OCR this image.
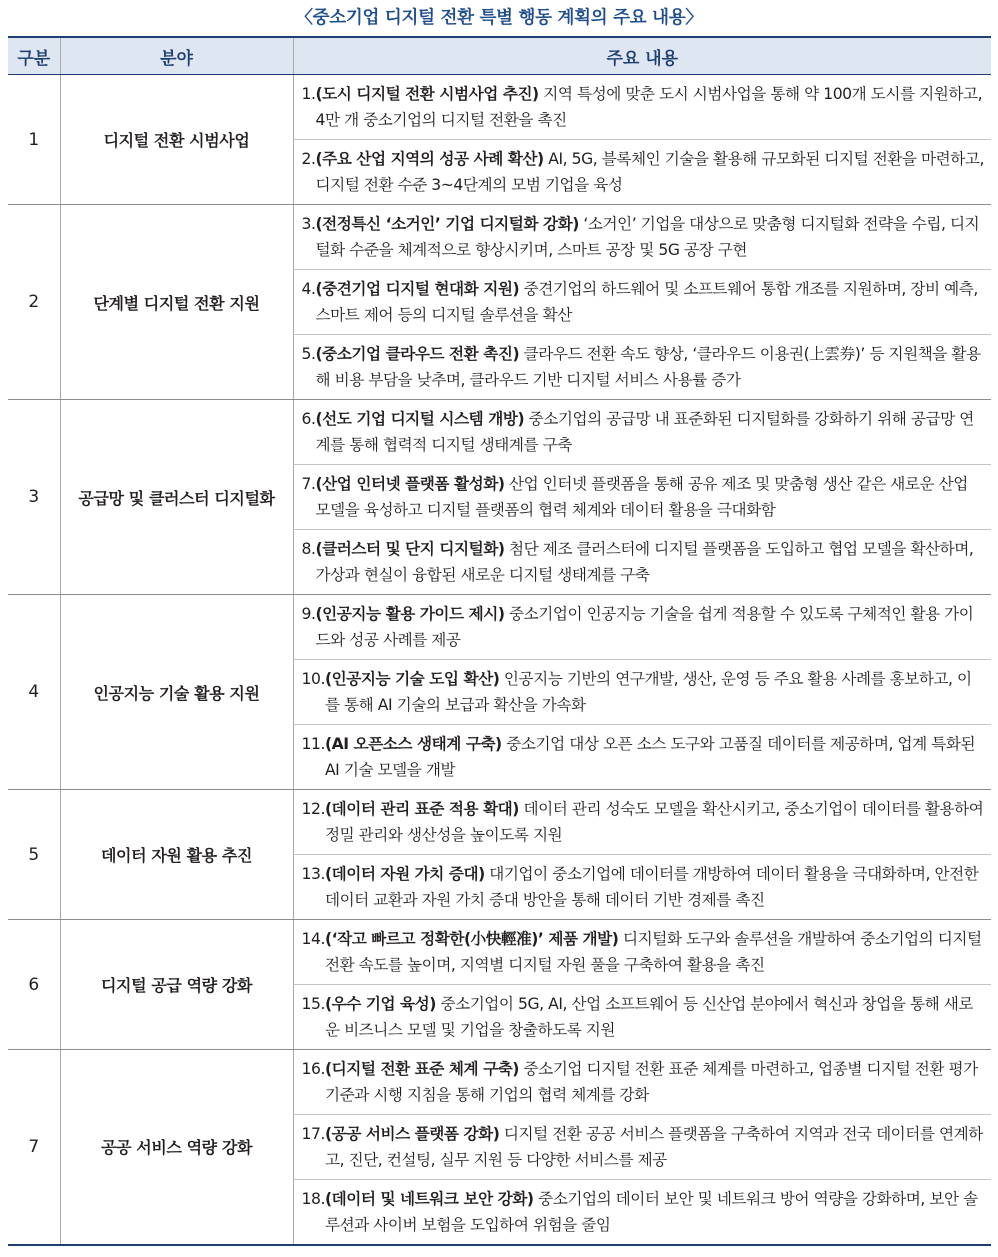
〈중소기업 디지털 전환 특별 행동 계획의 주요 내용〉
구분	분야	주요 내용
1	디지털 전환 시범사업	1. (도시 디지털 전환 시범사업 추진) 지역 특성에 맞춘 도시 시범사업을 통해 약 100개 도시를 지원하고, 4만 개 중소기업의 디지털 전환을 촉진

		2. (주요 산업 지역의 성공 사례 확산) AI, 5G, 블록체인 기술을 활용해 규모화된 디지털 전환을 마련하고, 디지털 전환 수준 3~4단계의 모범 기업을 육성

2	단계별 디지털 전환 지원	3. (전정특신 ‘소거인’ 기업 디지털화 강화) ‘소거인’ 기업을 대상으로 맞춤형 디지털화 전략을 수립, 디지털화 수준을 체계적으로 향상시키며, 스마트 공장 및 5G 공장 구현

		4. (중견기업 디지털 현대화 지원) 중견기업의 하드웨어 및 소프트웨어 통합 개조를 지원하며, 장비 예측, 스마트 제어 등의 디지털 솔루션을 확산

		5. (중소기업 클라우드 전환 촉진) 클라우드 전환 속도 향상, ‘클라우드 이용권(上雲券)’ 등 지원책을 활용해 비용 부담을 낮추며, 클라우드 기반 디지털 서비스 사용률 증가

3	공급망 및 클러스터 디지털화	6. (선도 기업 디지털 시스템 개방) 중소기업의 공급망 내 표준화된 디지털화를 강화하기 위해 공급망 연계를 통해 협력적 디지털 생태계를 구축

		7. (산업 인터넷 플랫폼 활성화) 산업 인터넷 플랫폼을 통해 공유 제조 및 맞춤형 생산 같은 새로운 산업 모델을 육성하고 디지털 플랫폼의 협력 체계와 데이터 활용을 극대화함

		8. (클러스터 및 단지 디지털화) 첨단 제조 클러스터에 디지털 플랫폼을 도입하고 협업 모델을 확산하며, 가상과 현실이 융합된 새로운 디지털 생태계를 구축

4	인공지능 기술 활용 지원	9. (인공지능 활용 가이드 제시) 중소기업이 인공지능 기술을 쉽게 적용할 수 있도록 구체적인 활용 가이드와 성공 사례를 제공

		10. (인공지능 기술 도입 확산) 인공지능 기반의 연구개발, 생산, 운영 등 주요 활용 사례를 홍보하고, 이를 통해 AI 기술의 보급과 확산을 가속화

		11. (AI 오픈소스 생태계 구축) 중소기업 대상 오픈 소스 도구와 고품질 데이터를 제공하며, 업계 특화된 AI 기술 모델을 개발

5	데이터 자원 활용 추진	12. (데이터 관리 표준 적용 확대) 데이터 관리 성숙도 모델을 확산시키고, 중소기업이 데이터를 활용하여 정밀 관리와 생산성을 높이도록 지원

		13. (데이터 자원 가치 증대) 대기업이 중소기업에 데이터를 개방하여 데이터 활용을 극대화하며, 안전한 데이터 교환과 자원 가치 증대 방안을 통해 데이터 기반 경제를 촉진

6	디지털 공급 역량 강화	14. (‘작고 빠르고 정확한(小快輕准)’ 제품 개발) 디지털화 도구와 솔루션을 개발하여 중소기업의 디지털 전환 속도를 높이며, 지역별 디지털 자원 풀을 구축하여 활용을 촉진

		15. (우수 기업 육성) 중소기업이 5G, AI, 산업 소프트웨어 등 신산업 분야에서 혁신과 창업을 통해 새로운 비즈니스 모델 및 기업을 창출하도록 지원

7	공공 서비스 역량 강화	16. (디지털 전환 표준 체계 구축) 중소기업 디지털 전환 표준 체계를 마련하고, 업종별 디지털 전환 평가 기준과 시행 지침을 통해 기업의 협력 체계를 강화

		17. (공공 서비스 플랫폼 강화) 디지털 전환 공공 서비스 플랫폼을 구축하여 지역과 전국 데이터를 연계하고, 진단, 컨설팅, 실무 지원 등 다양한 서비스를 제공

		18. (데이터 및 네트워크 보안 강화) 중소기업의 데이터 보안 및 네트워크 방어 역량을 강화하며, 보안 솔루션과 사이버 보험을 도입하여 위험을 줄임
